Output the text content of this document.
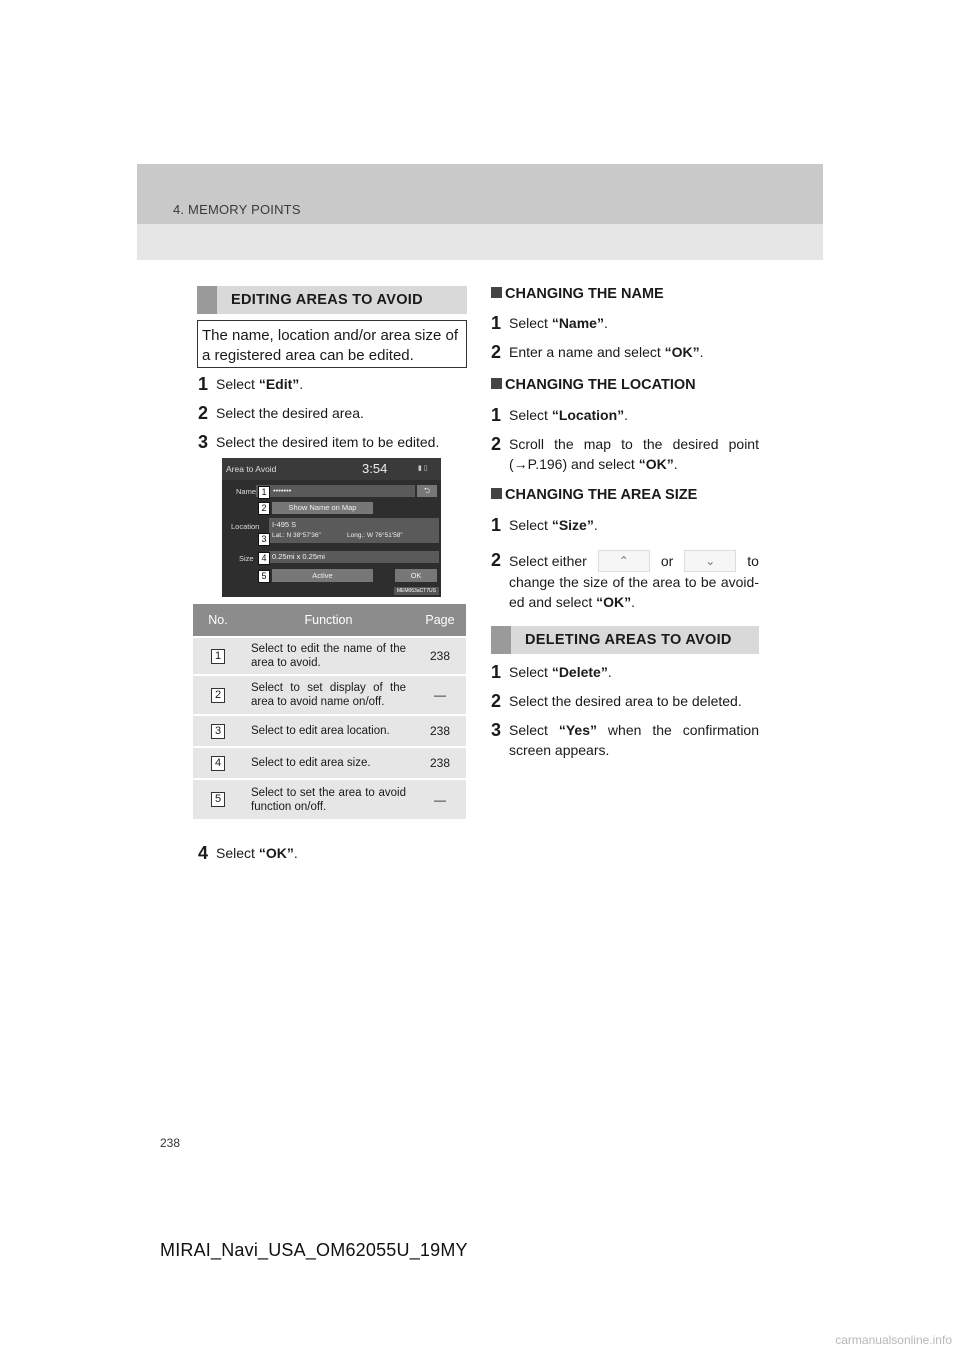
4. MEMORY POINTS
EDITING AREAS TO AVOID
The name, location and/or area size of a registered area can be edited.
1 Select “Edit”.
2 Select the desired area.
3 Select the desired item to be edited.
Area to Avoid	3:54	▮ ▯
Name •••••••	⮌
Show Name on Map
Location I-495 S
Lat.: N 38°57'36"	Long.: W 76°51'58"
Size 0.25mi x 0.25mi
Active	OK
1
2
3
4
5
MEM063aCT7US
No.	Function	Page
1	Select to edit the name of the area to avoid.	238
2	Select to set display of the area to avoid name on/off.	—
3	Select to edit area location.	238
4	Select to edit area size.	238
5	Select to set the area to avoid function on/off.	—
4 Select “OK”.
CHANGING THE NAME
1 Select “Name”.
2 Enter a name and select “OK”.
CHANGING THE LOCATION
1 Select “Location”.
2 Scroll the map to the desired point (→P.196) and select “OK”.
CHANGING THE AREA SIZE
1 Select “Size”.
2 Select either	⌃	or	⌄	to
change the size of the area to be avoid-ed and select “OK”.
DELETING AREAS TO AVOID
1 Select “Delete”.
2 Select the desired area to be deleted.
3 Select “Yes” when the confirmation screen appears.
238
MIRAI_Navi_USA_OM62055U_19MY
carmanualsonline.info
